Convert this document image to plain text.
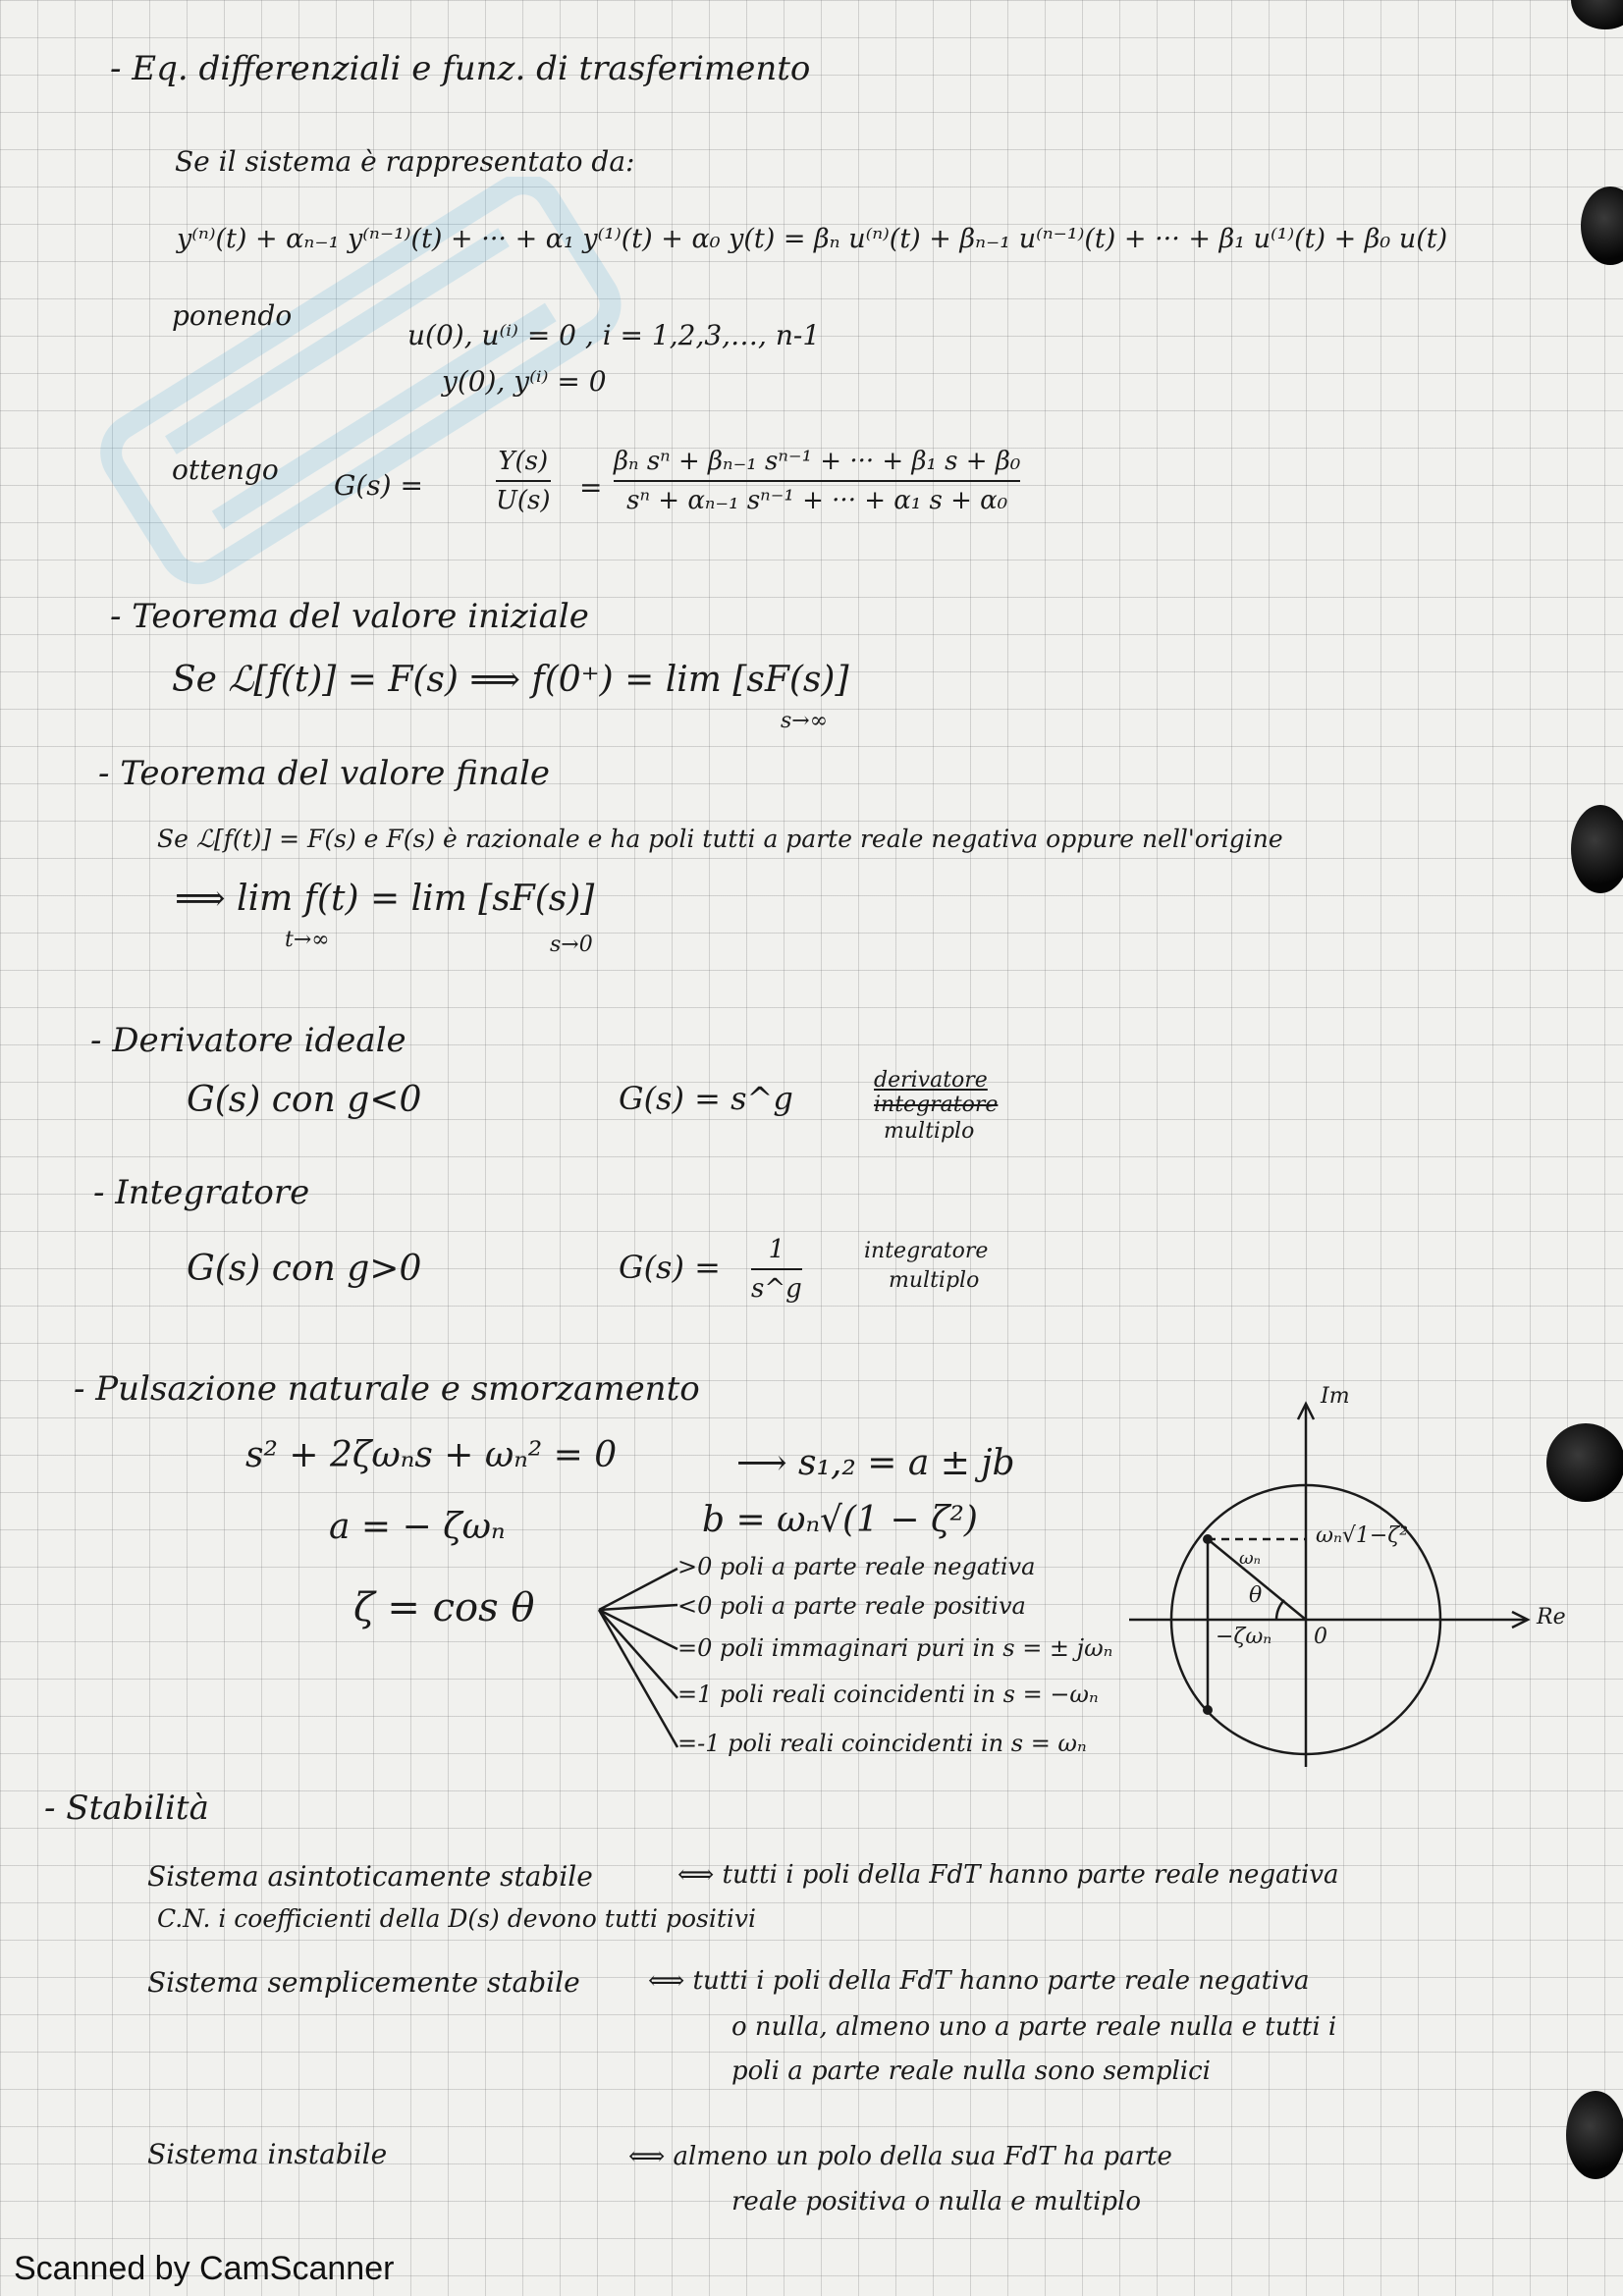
- Eq. differenziali e funz. di trasferimento
Se il sistema è rappresentato da:
y⁽ⁿ⁾(t) + αₙ₋₁ y⁽ⁿ⁻¹⁾(t) + ··· + α₁ y⁽¹⁾(t) + α₀ y(t) = βₙ u⁽ⁿ⁾(t) + βₙ₋₁ u⁽ⁿ⁻¹⁾(t) + ··· + β₁ u⁽¹⁾(t) + β₀ u(t)
ponendo
u(0), u⁽ⁱ⁾ = 0 , i = 1,2,3,…, n-1
y(0), y⁽ⁱ⁾ = 0
ottengo G(s) =
Y(s)
U(s) =
βₙ sⁿ + βₙ₋₁ sⁿ⁻¹ + ··· + β₁ s + β₀
sⁿ + αₙ₋₁ sⁿ⁻¹ + ··· + α₁ s + α₀
- Teorema del valore iniziale
Se ℒ[f(t)] = F(s) ⟹ f(0⁺) = lim [sF(s)]
s→∞
- Teorema del valore finale
Se ℒ[f(t)] = F(s) e F(s) è razionale e ha poli tutti a parte reale negativa oppure nell'origine
⟹ lim f(t) = lim [sF(s)]
t→∞	s→0
- Derivatore ideale
G(s) con g<0	G(s) = s^g	derivatore
integratore
multiplo
- Integratore
G(s) con g>0	G(s) = 1
s^g
integratore
multiplo
- Pulsazione naturale e smorzamento
s² + 2ζωₙs + ωₙ² = 0	⟶ s₁,₂ = a ± jb
a = − ζωₙ	b = ωₙ√(1 − ζ²)
ζ = cos θ
>0 poli a parte reale negativa
<0 poli a parte reale positiva
=0 poli immaginari puri in s = ± jωₙ
=1 poli reali coincidenti in s = −ωₙ
=-1 poli reali coincidenti in s = ωₙ
Im
Re
ωₙ√1−ζ²
−ζωₙ 0
θ
ωₙ
- Stabilità
Sistema asintoticamente stabile	⟺ tutti i poli della FdT hanno parte reale negativa
C.N. i coefficienti della D(s) devono tutti positivi
Sistema semplicemente stabile	⟺ tutti i poli della FdT hanno parte reale negativa
o nulla, almeno uno a parte reale nulla e tutti i
poli a parte reale nulla sono semplici
Sistema instabile	⟺ almeno un polo della sua FdT ha parte
reale positiva o nulla e multiplo
Scanned by CamScanner
